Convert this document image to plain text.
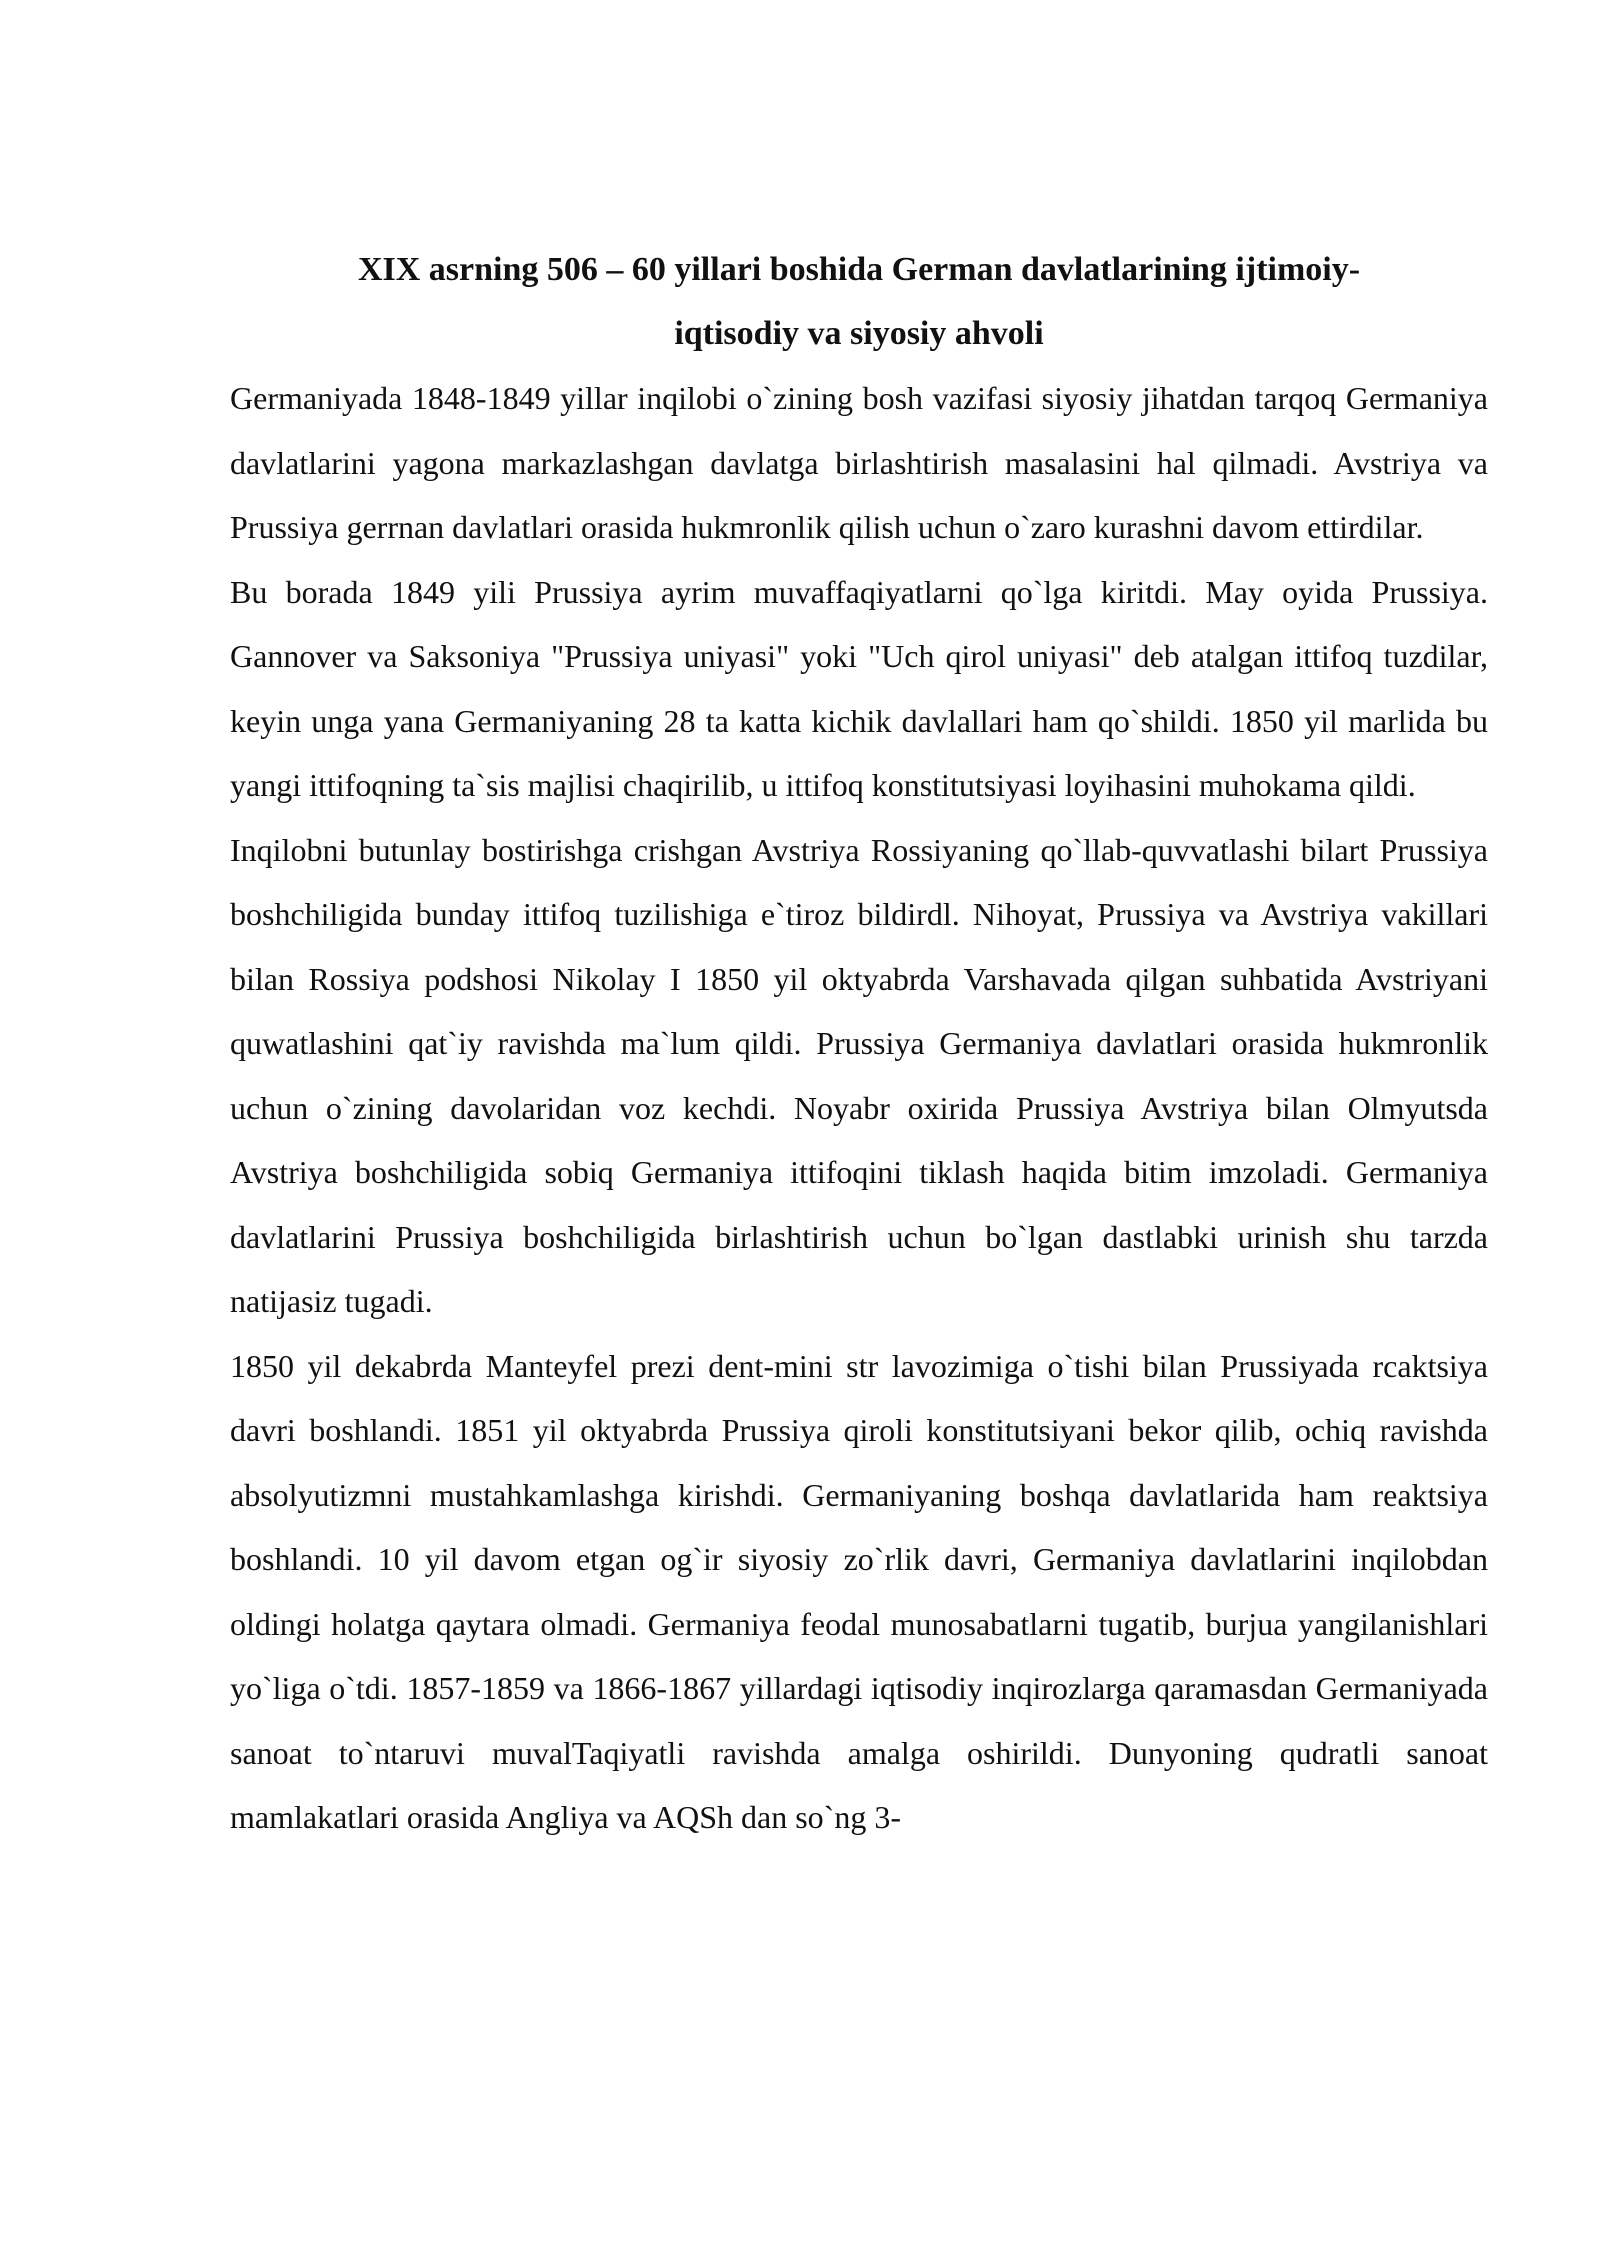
XIX asrning 506 – 60 yillari boshida German davlatlarining ijtimoiy-
iqtisodiy va siyosiy ahvoli

Germaniyada 1848-1849 yillar inqilobi o`zining bosh vazifasi siyosiy jihatdan tarqoq Germaniya davlatlarini yagona markazlashgan davlatga birlashtirish masalasini hal qilmadi. Avstriya va Prussiya gerrnan davlatlari orasida hukmronlik qilish uchun o`zaro kurashni davom ettirdilar.

Bu borada 1849 yili Prussiya ayrim muvaffaqiyatlarni qo`lga kiritdi. May oyida Prussiya. Gannover va Saksoniya "Prussiya uniyasi" yoki "Uch qirol uniyasi" deb atalgan ittifoq tuzdilar, keyin unga yana Germaniyaning 28 ta katta kichik davlallari ham qo`shildi. 1850 yil marlida bu yangi ittifoqning ta`sis majlisi chaqirilib, u ittifoq konstitutsiyasi loyihasini muhokama qildi.

Inqilobni butunlay bostirishga crishgan Avstriya Rossiyaning qo`llab-quvvatlashi bilart Prussiya boshchiligida bunday ittifoq tuzilishiga e`tiroz bildirdl. Nihoyat, Prussiya va Avstriya vakillari bilan Rossiya podshosi Nikolay I 1850 yil oktyabrda Varshavada qilgan suhbatida Avstriyani quwatlashini qat`iy ravishda ma`lum qildi. Prussiya Germaniya davlatlari orasida hukmronlik uchun o`zining davolaridan voz kechdi. Noyabr oxirida Prussiya Avstriya bilan Olmyutsda Avstriya boshchiligida sobiq Germaniya ittifoqini tiklash haqida bitim imzoladi. Germaniya davlatlarini Prussiya boshchiligida birlashtirish uchun bo`lgan dastlabki urinish shu tarzda natijasiz tugadi.

1850 yil dekabrda Manteyfel prezi dent-mini str lavozimiga o`tishi bilan Prussiyada rcaktsiya davri boshlandi. 1851 yil oktyabrda Prussiya qiroli konstitutsiyani bekor qilib, ochiq ravishda absolyutizmni mustahkamlashga kirishdi. Germaniyaning boshqa davlatlarida ham reaktsiya boshlandi. 10 yil davom etgan og`ir siyosiy zo`rlik davri, Germaniya davlatlarini inqilobdan oldingi holatga qaytara olmadi. Germaniya feodal munosabatlarni tugatib, burjua yangilanishlari yo`liga o`tdi. 1857-1859 va 1866-1867 yillardagi iqtisodiy inqirozlarga qaramasdan Germaniyada sanoat to`ntaruvi muvalTaqiyatli ravishda amalga oshirildi. Dunyoning qudratli sanoat mamlakatlari orasida Angliya va AQSh dan so`ng 3-
